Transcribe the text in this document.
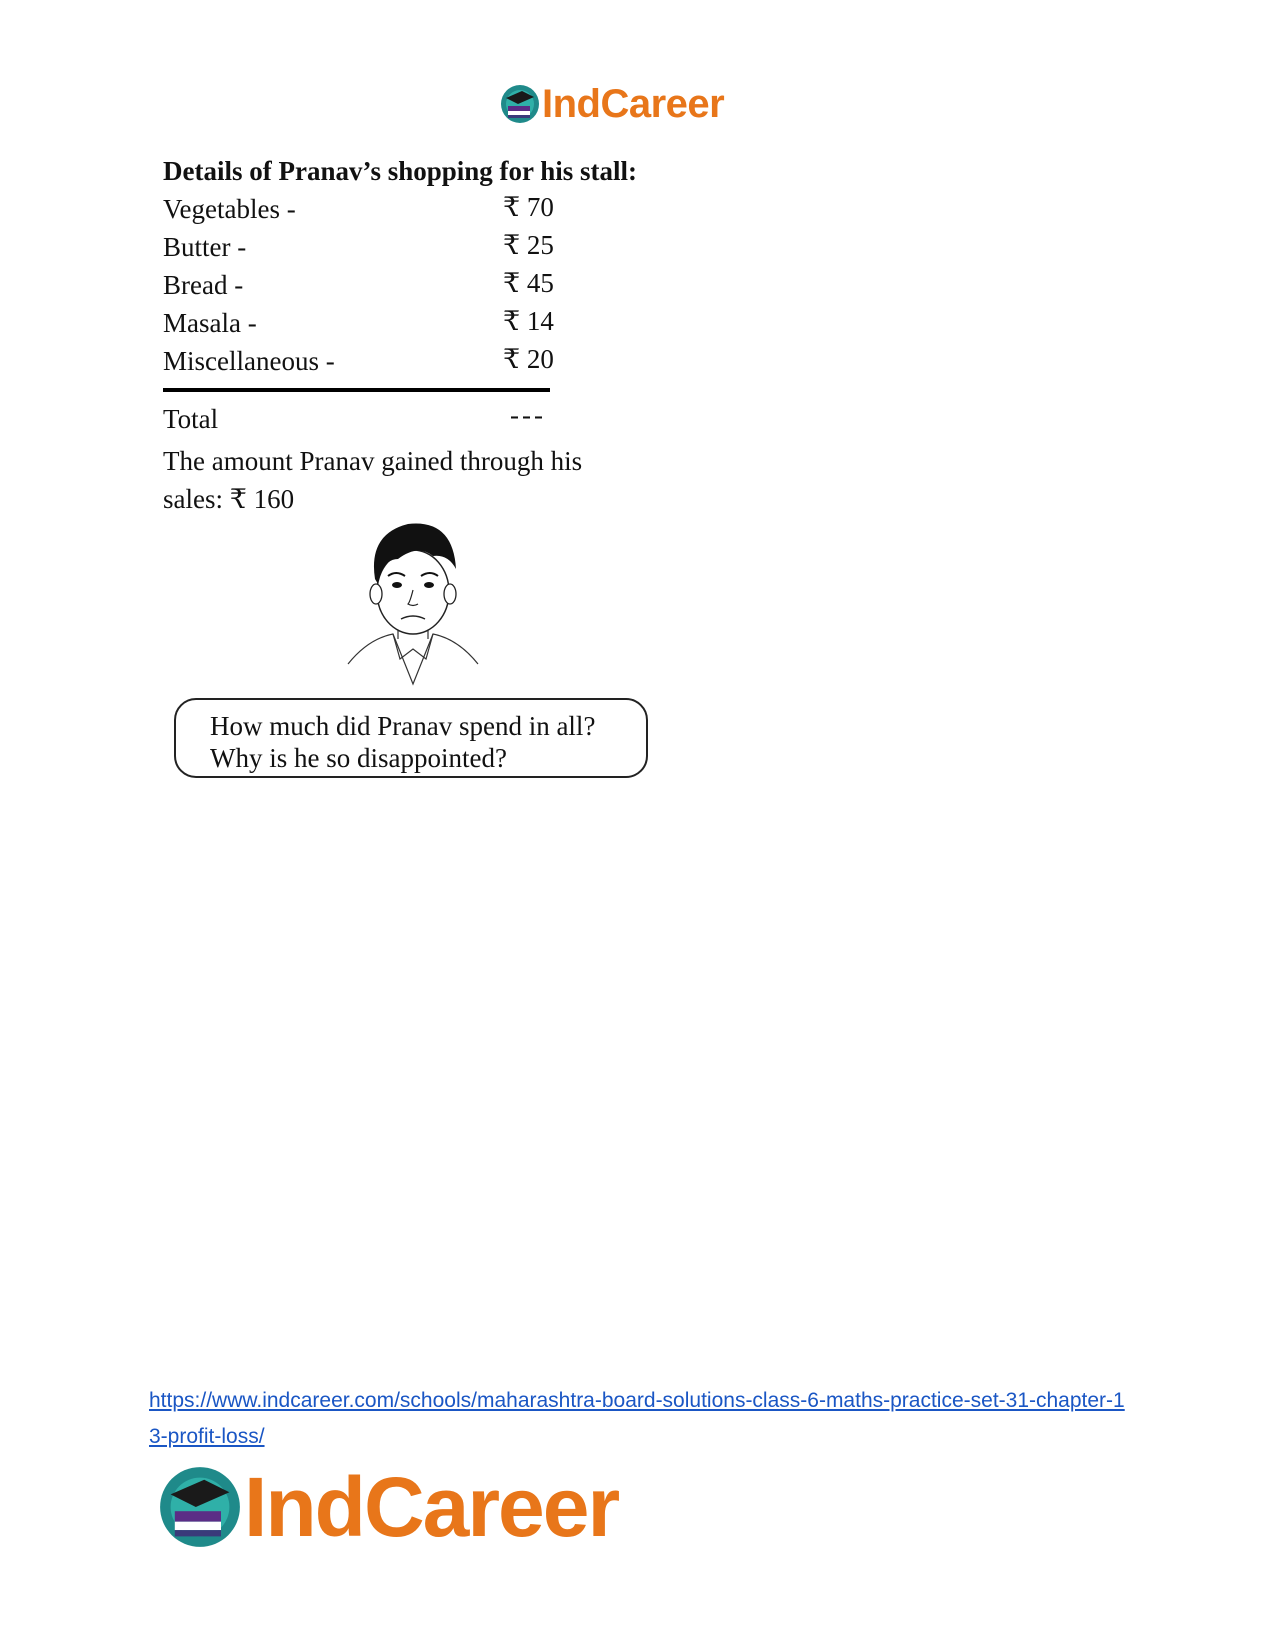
IndCareer
Details of Pranav’s shopping for his stall:
Vegetables -	₹ 70
Butter -	₹ 25
Bread -	₹ 45
Masala -	₹ 14
Miscellaneous -	₹ 20
Total	---
The amount Pranav gained through his sales: ₹ 160
How much did Pranav spend in all?
Why is he so disappointed?
https://www.indcareer.com/schools/maharashtra-board-solutions-class-6-maths-practice-set-31-chapter-13-profit-loss/
IndCareer
